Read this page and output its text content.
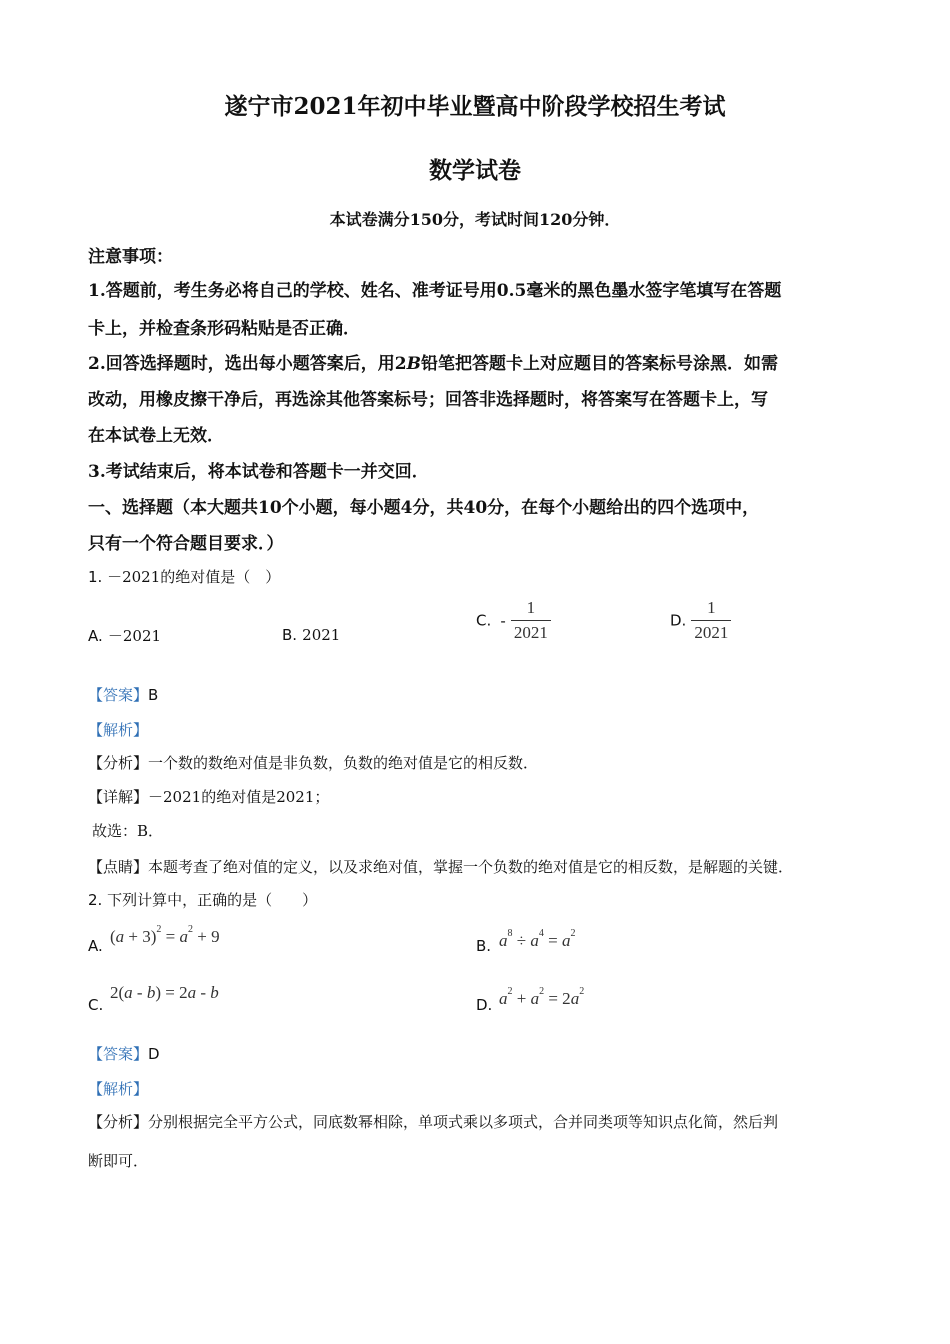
遂宁市2021年初中毕业暨高中阶段学校招生考试
数学试卷
本试卷满分150分，考试时间120分钟．
注意事项：
1.答题前，考生务必将自己的学校、姓名、准考证号用0.5毫米的黑色墨水签字笔填写在答题
卡上，并检查条形码粘贴是否正确．
2.回答选择题时，选出每小题答案后，用2B铅笔把答题卡上对应题目的答案标号涂黑．如需
改动，用橡皮擦干净后，再选涂其他答案标号；回答非选择题时，将答案写在答题卡上，写
在本试卷上无效．
3.考试结束后，将本试卷和答题卡一并交回．
一、选择题（本大题共10个小题，每小题4分，共40分，在每个小题给出的四个选项中，
只有一个符合题目要求．）
1. －2021的绝对值是（　）
A. －2021	B. 2021
C. - $\frac{1}{2021}$	D. $\frac{1}{2021}$
【答案】B
【解析】
【分析】一个数的数绝对值是非负数，负数的绝对值是它的相反数．
【详解】－2021的绝对值是2021；
故选：B．
【点睛】本题考查了绝对值的定义，以及求绝对值，掌握一个负数的绝对值是它的相反数，是解题的关键．
2. 下列计算中，正确的是（　　）
A. $(a + 3)^2 = a^2 + 9$	B. $a^8 \div a^4 = a^2$
C.
2(a - b) = 2a - b
D. $a^2 + a^2 = 2a^2$
【答案】D
【解析】
【分析】分别根据完全平方公式，同底数幂相除，单项式乘以多项式，合并同类项等知识点化简，然后判
断即可．
